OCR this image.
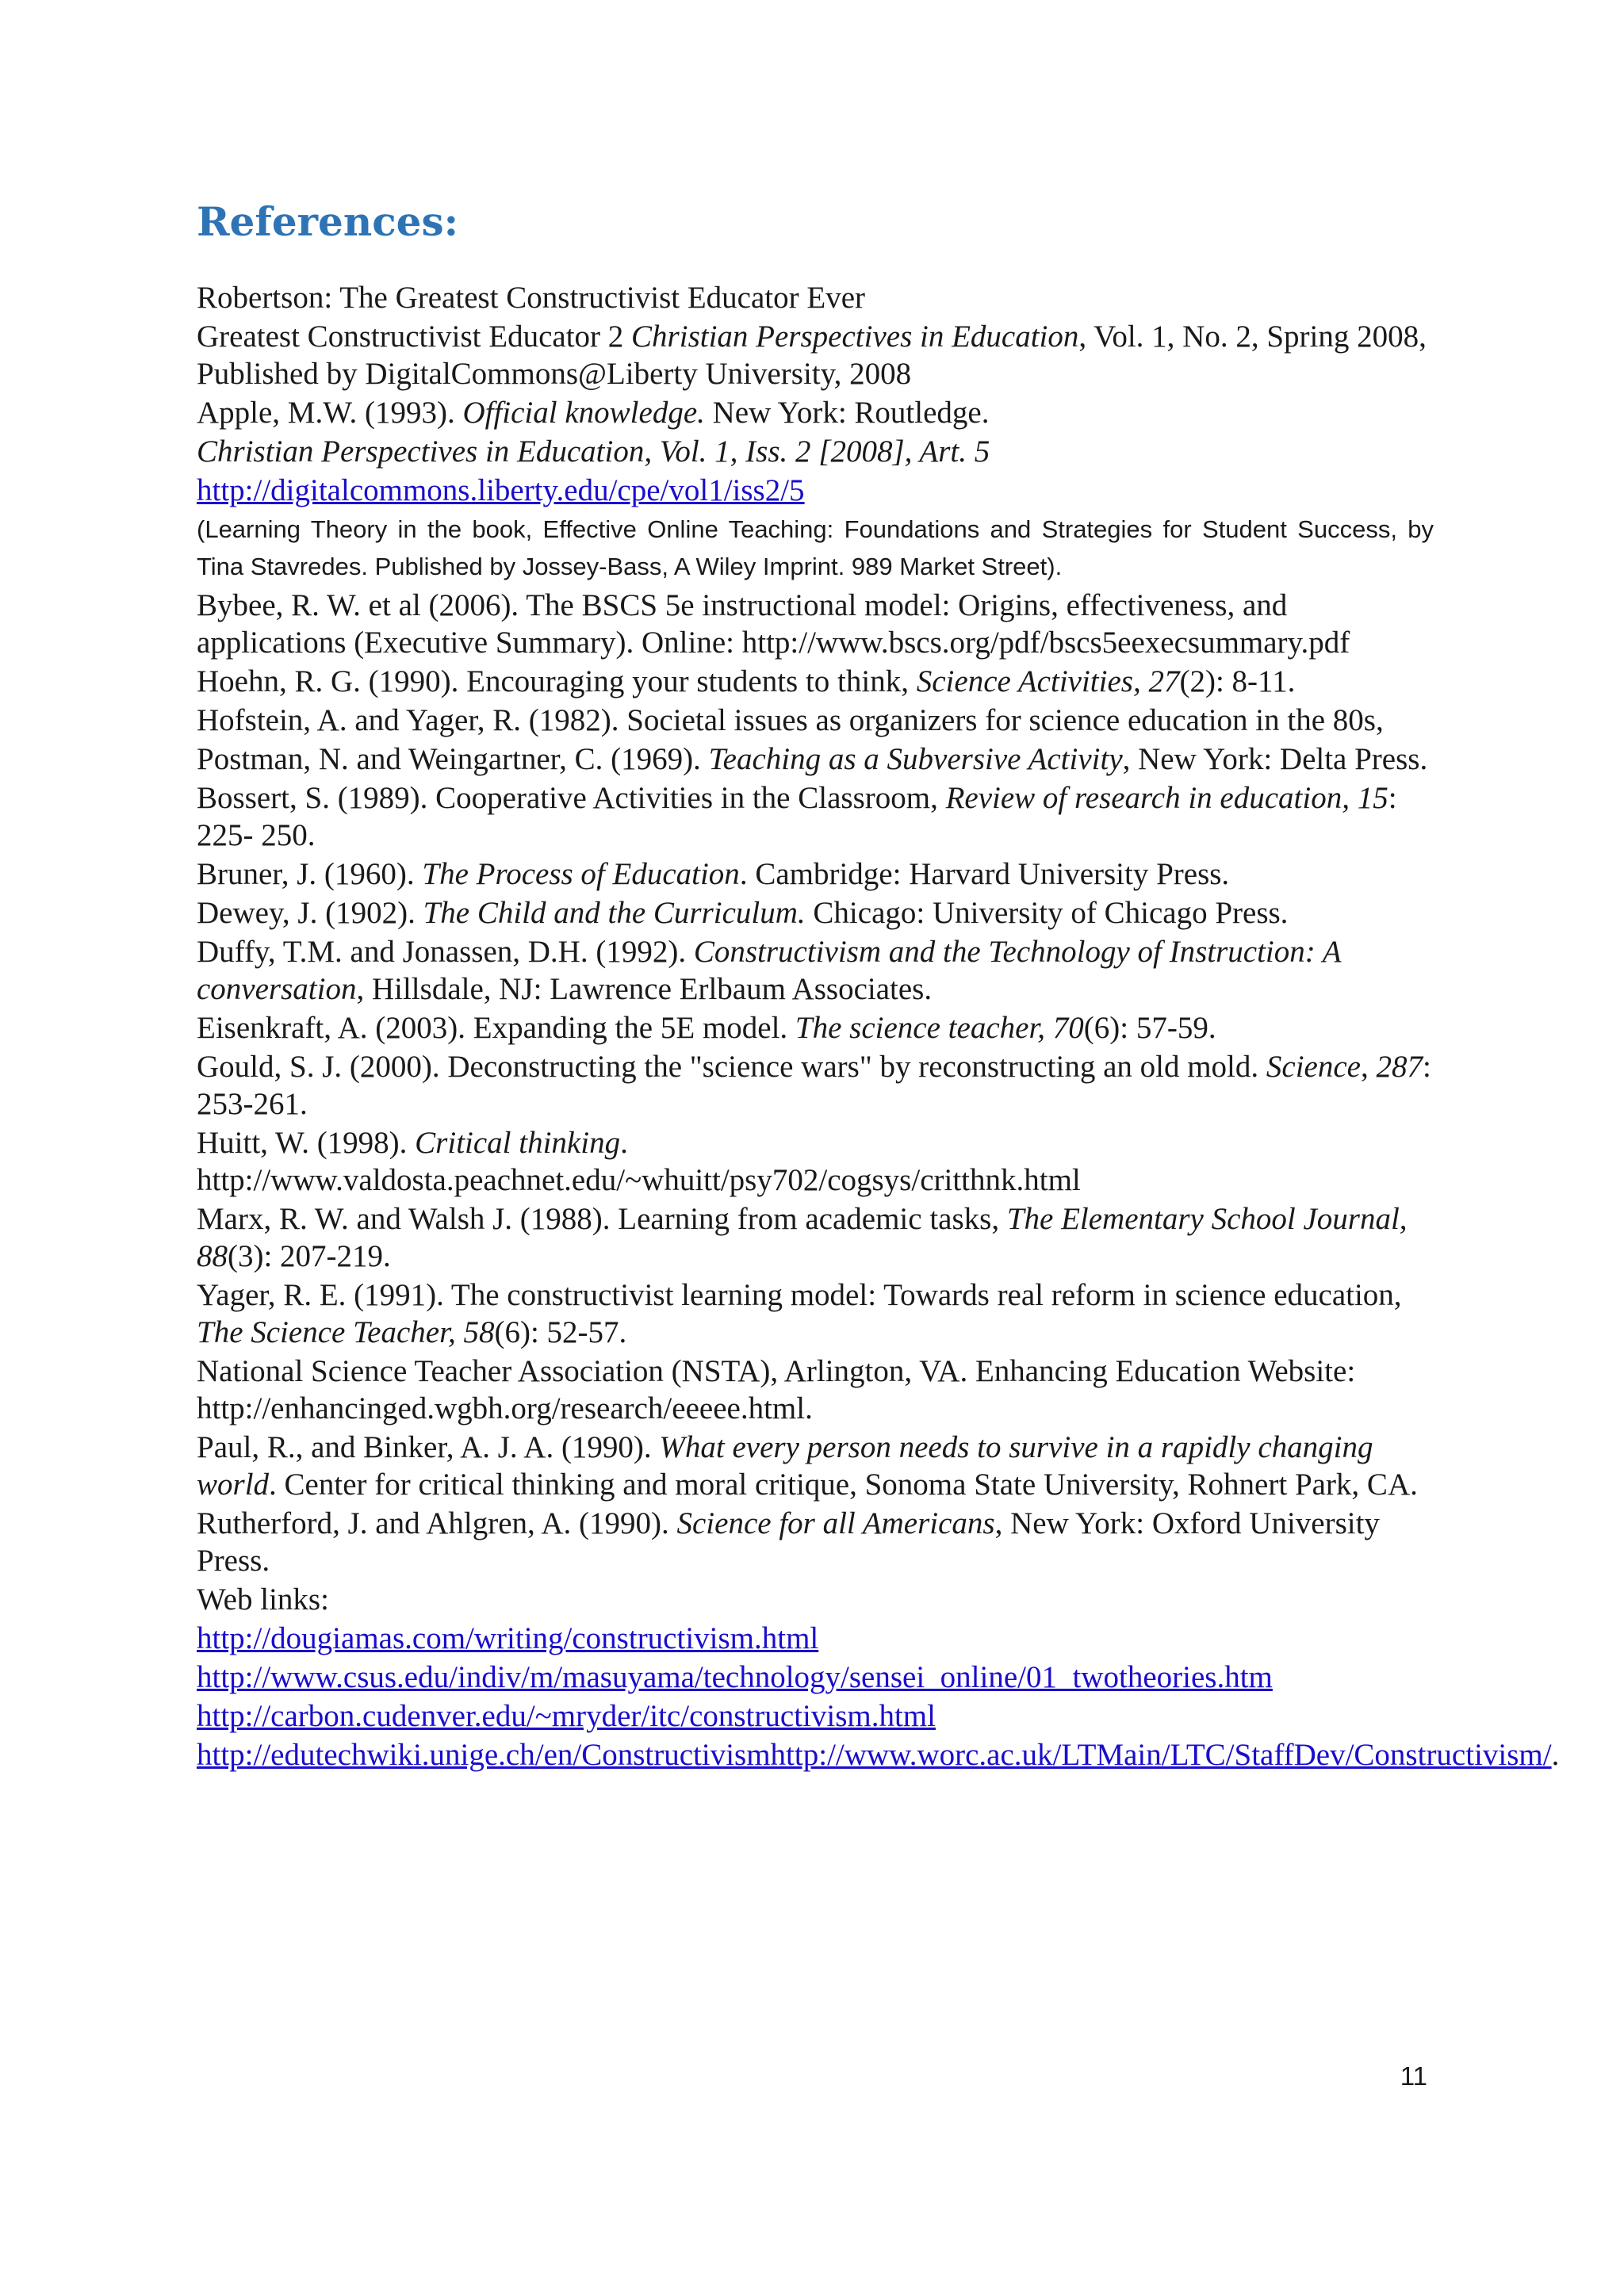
References:

Robertson: The Greatest Constructivist Educator Ever

Greatest Constructivist Educator 2 Christian Perspectives in Education, Vol. 1, No. 2, Spring 2008, Published by DigitalCommons@Liberty University, 2008

Apple, M.W. (1993). Official knowledge. New York: Routledge.

Christian Perspectives in Education, Vol. 1, Iss. 2 [2008], Art. 5

http://digitalcommons.liberty.edu/cpe/vol1/iss2/5

(Learning Theory in the book, Effective Online Teaching: Foundations and Strategies for Student Success, by Tina Stavredes. Published by Jossey-Bass, A Wiley Imprint. 989 Market Street).

Bybee, R. W. et al (2006). The BSCS 5e instructional model: Origins, effectiveness, and applications (Executive Summary). Online: http://www.bscs.org/pdf/bscs5eexecsummary.pdf

Hoehn, R. G. (1990). Encouraging your students to think, Science Activities, 27(2): 8-11.

Hofstein, A. and Yager, R. (1982). Societal issues as organizers for science education in the 80s,

Postman, N. and Weingartner, C. (1969). Teaching as a Subversive Activity, New York: Delta Press.

Bossert, S. (1989). Cooperative Activities in the Classroom, Review of research in education, 15: 225- 250.

Bruner, J. (1960). The Process of Education. Cambridge: Harvard University Press.

Dewey, J. (1902). The Child and the Curriculum. Chicago: University of Chicago Press.

Duffy, T.M. and Jonassen, D.H. (1992). Constructivism and the Technology of Instruction: A conversation, Hillsdale, NJ: Lawrence Erlbaum Associates.

Eisenkraft, A. (2003). Expanding the 5E model. The science teacher, 70(6): 57-59.

Gould, S. J. (2000). Deconstructing the "science wars" by reconstructing an old mold. Science, 287: 253-261.

Huitt, W. (1998). Critical thinking. http://www.valdosta.peachnet.edu/~whuitt/psy702/cogsys/critthnk.html

Marx, R. W. and Walsh J. (1988). Learning from academic tasks, The Elementary School Journal, 88(3): 207-219.

Yager, R. E. (1991). The constructivist learning model: Towards real reform in science education, The Science Teacher, 58(6): 52-57.

National Science Teacher Association (NSTA), Arlington, VA. Enhancing Education Website: http://enhancinged.wgbh.org/research/eeeee.html.

Paul, R., and Binker, A. J. A. (1990). What every person needs to survive in a rapidly changing world. Center for critical thinking and moral critique, Sonoma State University, Rohnert Park, CA.

Rutherford, J. and Ahlgren, A. (1990). Science for all Americans, New York: Oxford University Press.

Web links:

http://dougiamas.com/writing/constructivism.html

http://www.csus.edu/indiv/m/masuyama/technology/sensei_online/01_twotheories.htm

http://carbon.cudenver.edu/~mryder/itc/constructivism.html

http://edutechwiki.unige.ch/en/Constructivismhttp://www.worc.ac.uk/LTMain/LTC/StaffDev/Constructivism/.

11
